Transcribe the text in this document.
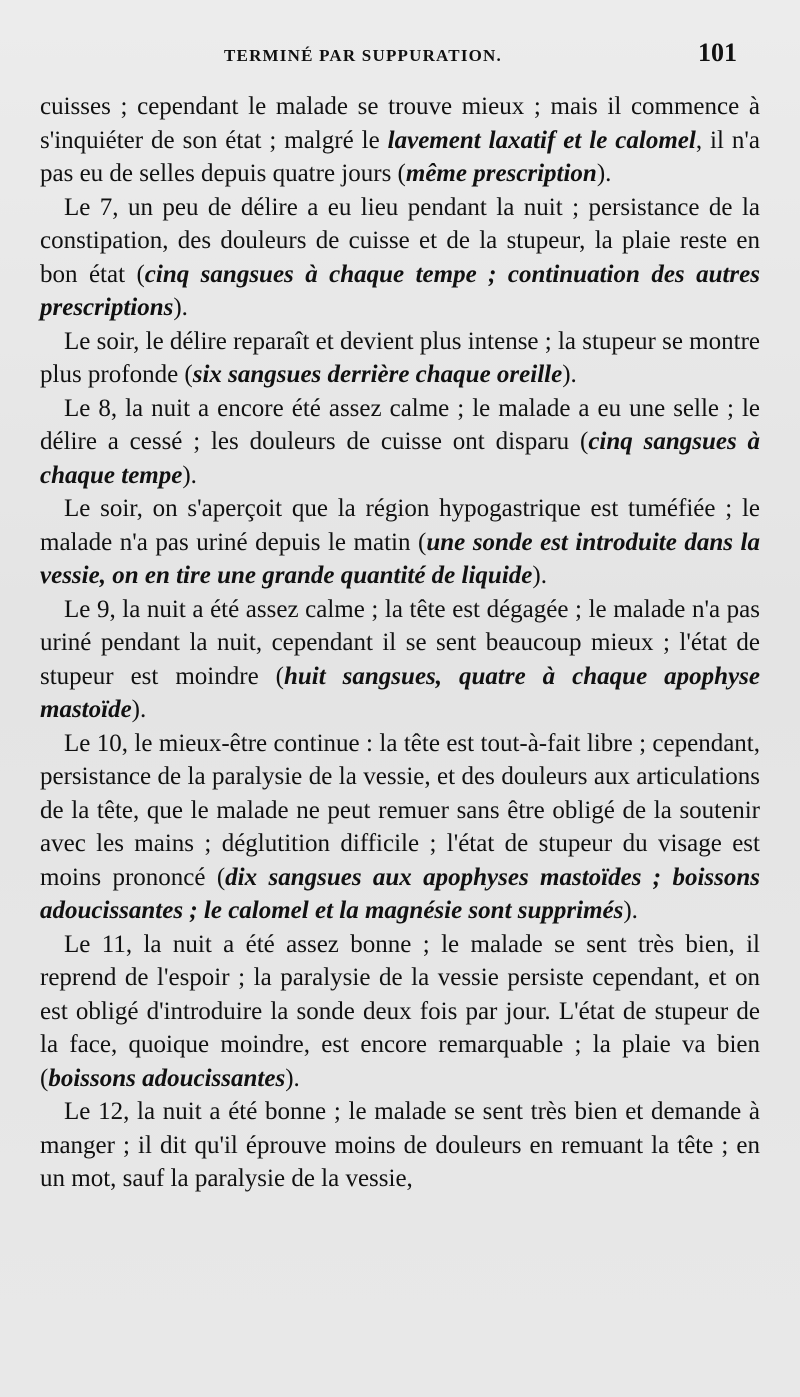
TERMINÉ PAR SUPPURATION.	101

cuisses ; cependant le malade se trouve mieux ; mais il commence à s'inquiéter de son état ; malgré le lavement laxatif et le calomel, il n'a pas eu de selles depuis quatre jours (même prescription).

Le 7, un peu de délire a eu lieu pendant la nuit ; persistance de la constipation, des douleurs de cuisse et de la stupeur, la plaie reste en bon état (cinq sangsues à chaque tempe ; continuation des autres prescriptions).

Le soir, le délire reparaît et devient plus intense ; la stupeur se montre plus profonde (six sangsues derrière chaque oreille).

Le 8, la nuit a encore été assez calme ; le malade a eu une selle ; le délire a cessé ; les douleurs de cuisse ont disparu (cinq sangsues à chaque tempe).

Le soir, on s'aperçoit que la région hypogastrique est tuméfiée ; le malade n'a pas uriné depuis le matin (une sonde est introduite dans la vessie, on en tire une grande quantité de liquide).

Le 9, la nuit a été assez calme ; la tête est dégagée ; le malade n'a pas uriné pendant la nuit, cependant il se sent beaucoup mieux ; l'état de stupeur est moindre (huit sangsues, quatre à chaque apophyse mastoïde).

Le 10, le mieux-être continue : la tête est tout-à-fait libre ; cependant, persistance de la paralysie de la vessie, et des douleurs aux articulations de la tête, que le malade ne peut remuer sans être obligé de la soutenir avec les mains ; déglutition difficile ; l'état de stupeur du visage est moins prononcé (dix sangsues aux apophyses mastoïdes ; boissons adoucissantes ; le calomel et la magnésie sont supprimés).

Le 11, la nuit a été assez bonne ; le malade se sent très bien, il reprend de l'espoir ; la paralysie de la vessie persiste cependant, et on est obligé d'introduire la sonde deux fois par jour. L'état de stupeur de la face, quoique moindre, est encore remarquable ; la plaie va bien (boissons adoucissantes).

Le 12, la nuit a été bonne ; le malade se sent très bien et demande à manger ; il dit qu'il éprouve moins de douleurs en remuant la tête ; en un mot, sauf la paralysie de la vessie,
